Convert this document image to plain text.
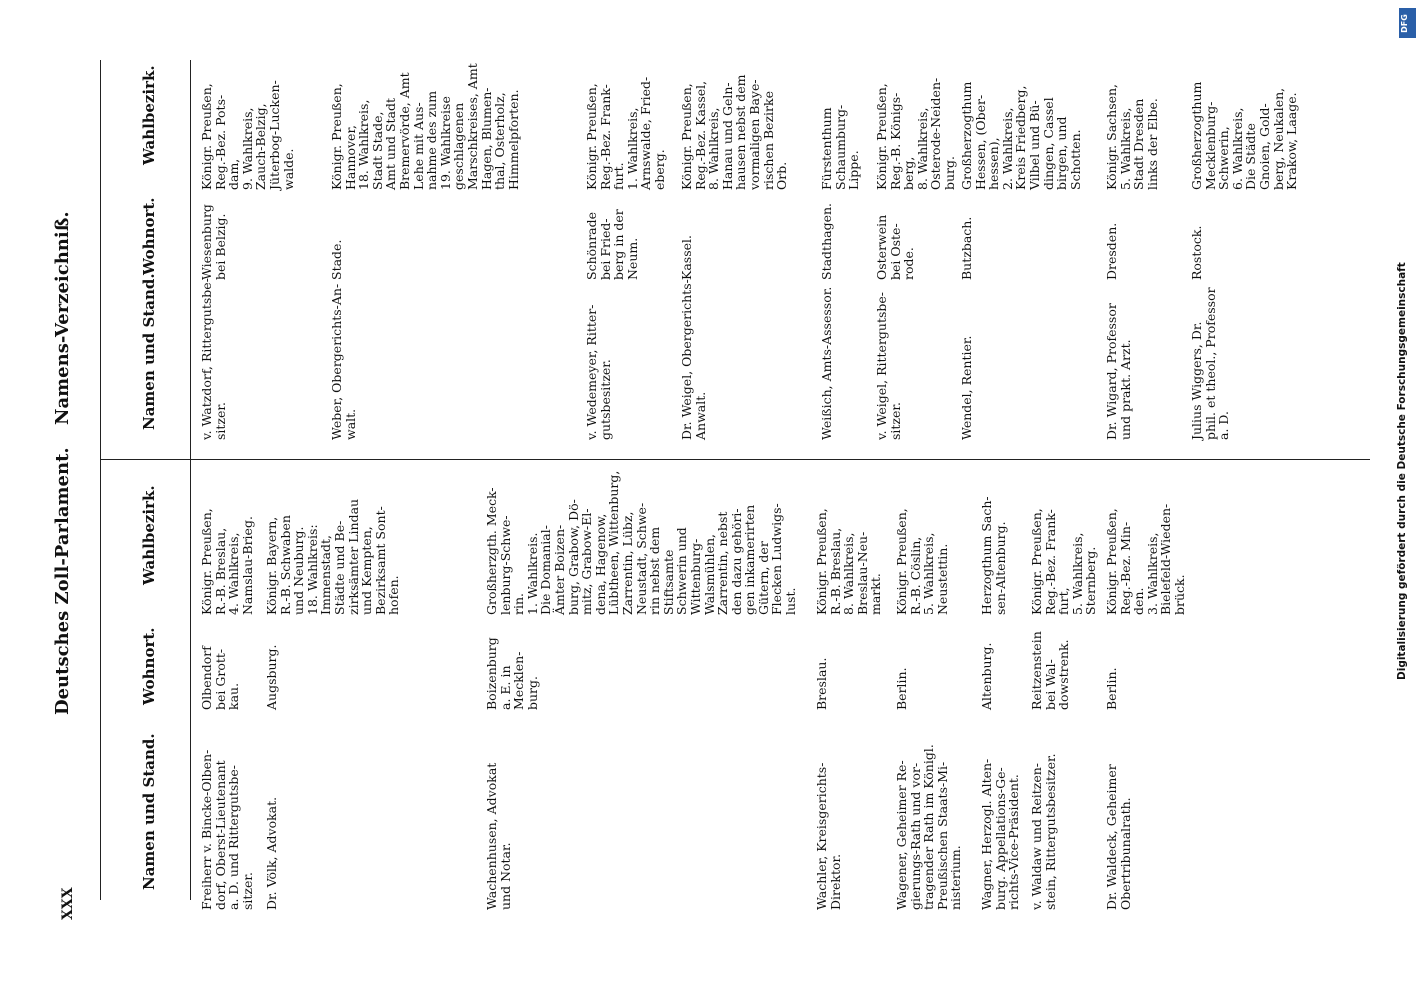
XXX
Deutsches Zoll-Parlament.
Namens-Verzeichniß.
Namen und Stand.
Wohnort.
Wahlbezirk.
Namen und Stand.
Wohnort.
Wahlbezirk.
Freiherr v. Bincke-Olben-
dorf, Oberst-Lieutenant
a. D. und Rittergutsbe-
sitzer.
Olbendorf
bei Grott-
kau.
Königr. Preußen,
R.-B. Breslau,
4. Wahlkreis,
Namslau-Brieg.
Dr. Völk, Advokat.
Augsburg.
Königr. Bayern,
R.-B. Schwaben
und Neuburg.
18. Wahlkreis:
Immenstadt,
Städte und Be-
zirksämter Lindau
und Kempten,
Bezirksamt Sont-
hofen.
Wachenhusen, Advokat
und Notar.
Boizenburg
a. E. in
Mecklen-
burg.
Großherzgth. Meck-
lenburg-Schwe-
rin.
1. Wahlkreis.
Die Domanial-
Ämter Boizen-
burg, Grabow, Dö-
mitz, Grabow-El-
dena, Hagenow,
Lübtheen, Wittenburg,
Zarrentin, Lübz,
Neustadt, Schwe-
rin nebst dem
Stiftsamte
Schwerin und
Wittenburg-
Walsmühlen,
Zarrentin, nebst
den dazu gehöri-
gen inkamerirten
Gütern, der
Flecken Ludwigs-
lust.
Wachler, Kreisgerichts-
Direktor.
Breslau.
Königr. Preußen,
R.-B. Breslau,
8. Wahlkreis,
Breslau-Neu-
markt.
Wagener, Geheimer Re-
gierungs-Rath und vor-
tragender Rath im Königl.
Preußischen Staats-Mi-
nisterium.
Berlin.
Königr. Preußen,
R.-B. Cöslin,
5. Wahlkreis,
Neustettin.
Wagner, Herzogl. Alten-
burg. Appellations-Ge-
richts-Vice-Präsident.
Altenburg.
Herzogthum Sach-
sen-Altenburg.
v. Waldaw und Reitzen-
stein, Rittergutsbesitzer.
Reitzenstein
bei Wal-
dowstrenk.
Königr. Preußen,
Reg.-Bez. Frank-
furt,
5. Wahlkreis,
Sternberg.
Dr. Waldeck, Geheimer
Obertribunalrath.
Berlin.
Königr. Preußen,
Reg.-Bez. Min-
den.
3. Wahlkreis,
Bielefeld-Wieden-
brück.
v. Watzdorf, Rittergutsbe-
sitzer.
Wiesenburg
bei Belzig.
Königr. Preußen,
Reg.-Bez. Pots-
dam,
9. Wahlkreis,
Zauch-Belzig,
Jüterbog-Lucken-
walde.
Weber, Obergerichts-An-
walt.
Stade.
Königr. Preußen,
Hannover,
18. Wahlkreis,
Stadt Stade,
Amt und Stadt
Bremervörde, Amt
Lehe mit Aus-
nahme des zum
19. Wahlkreise
geschlagenen
Marschkreises, Amt
Hagen, Blumen-
thal, Osterholz,
Himmelpforten.
v. Wedemeyer, Ritter-
gutsbesitzer.
Schönrade
bei Fried-
berg in der
Neum.
Königr. Preußen,
Reg.-Bez. Frank-
furt.
1. Wahlkreis,
Arnswalde, Fried-
eberg.
Dr. Weigel, Obergerichts-
Anwalt.
Kassel.
Königr. Preußen,
Reg.-Bez. Kassel,
8. Wahlkreis,
Hanau und Geln-
hausen nebst dem
vormaligen Baye-
rischen Bezirke
Orb.
Weißich, Amts-Assessor.
Stadthagen.
Fürstenthum
Schaumburg-
Lippe.
v. Weigel, Rittergutsbe-
sitzer.
Osterwein
bei Oste-
rode.
Königr. Preußen,
Reg.-B. Königs-
berg,
8. Wahlkreis,
Osterode-Neiden-
burg.
Wendel, Rentier.
Butzbach.
Großherzogthum
Hessen, (Ober-
hessen),
2. Wahlkreis,
Kreis Friedberg,
Vilbel und Bü-
dingen, Cassel
birgen, und
Schotten.
Dr. Wigard, Professor
und prakt. Arzt.
Dresden.
Königr. Sachsen,
5. Wahlkreis,
Stadt Dresden
links der Elbe.
Julius Wiggers, Dr.
phil. et theol., Professor
a. D.
Rostock.
Großherzogthum
Mecklenburg-
Schwerin,
6. Wahlkreis,
Die Städte
Gnoien, Gold-
berg, Neukalen,
Krakow, Laage.
Digitalisierung gefördert durch die Deutsche Forschungsgemeinschaft
DFG
